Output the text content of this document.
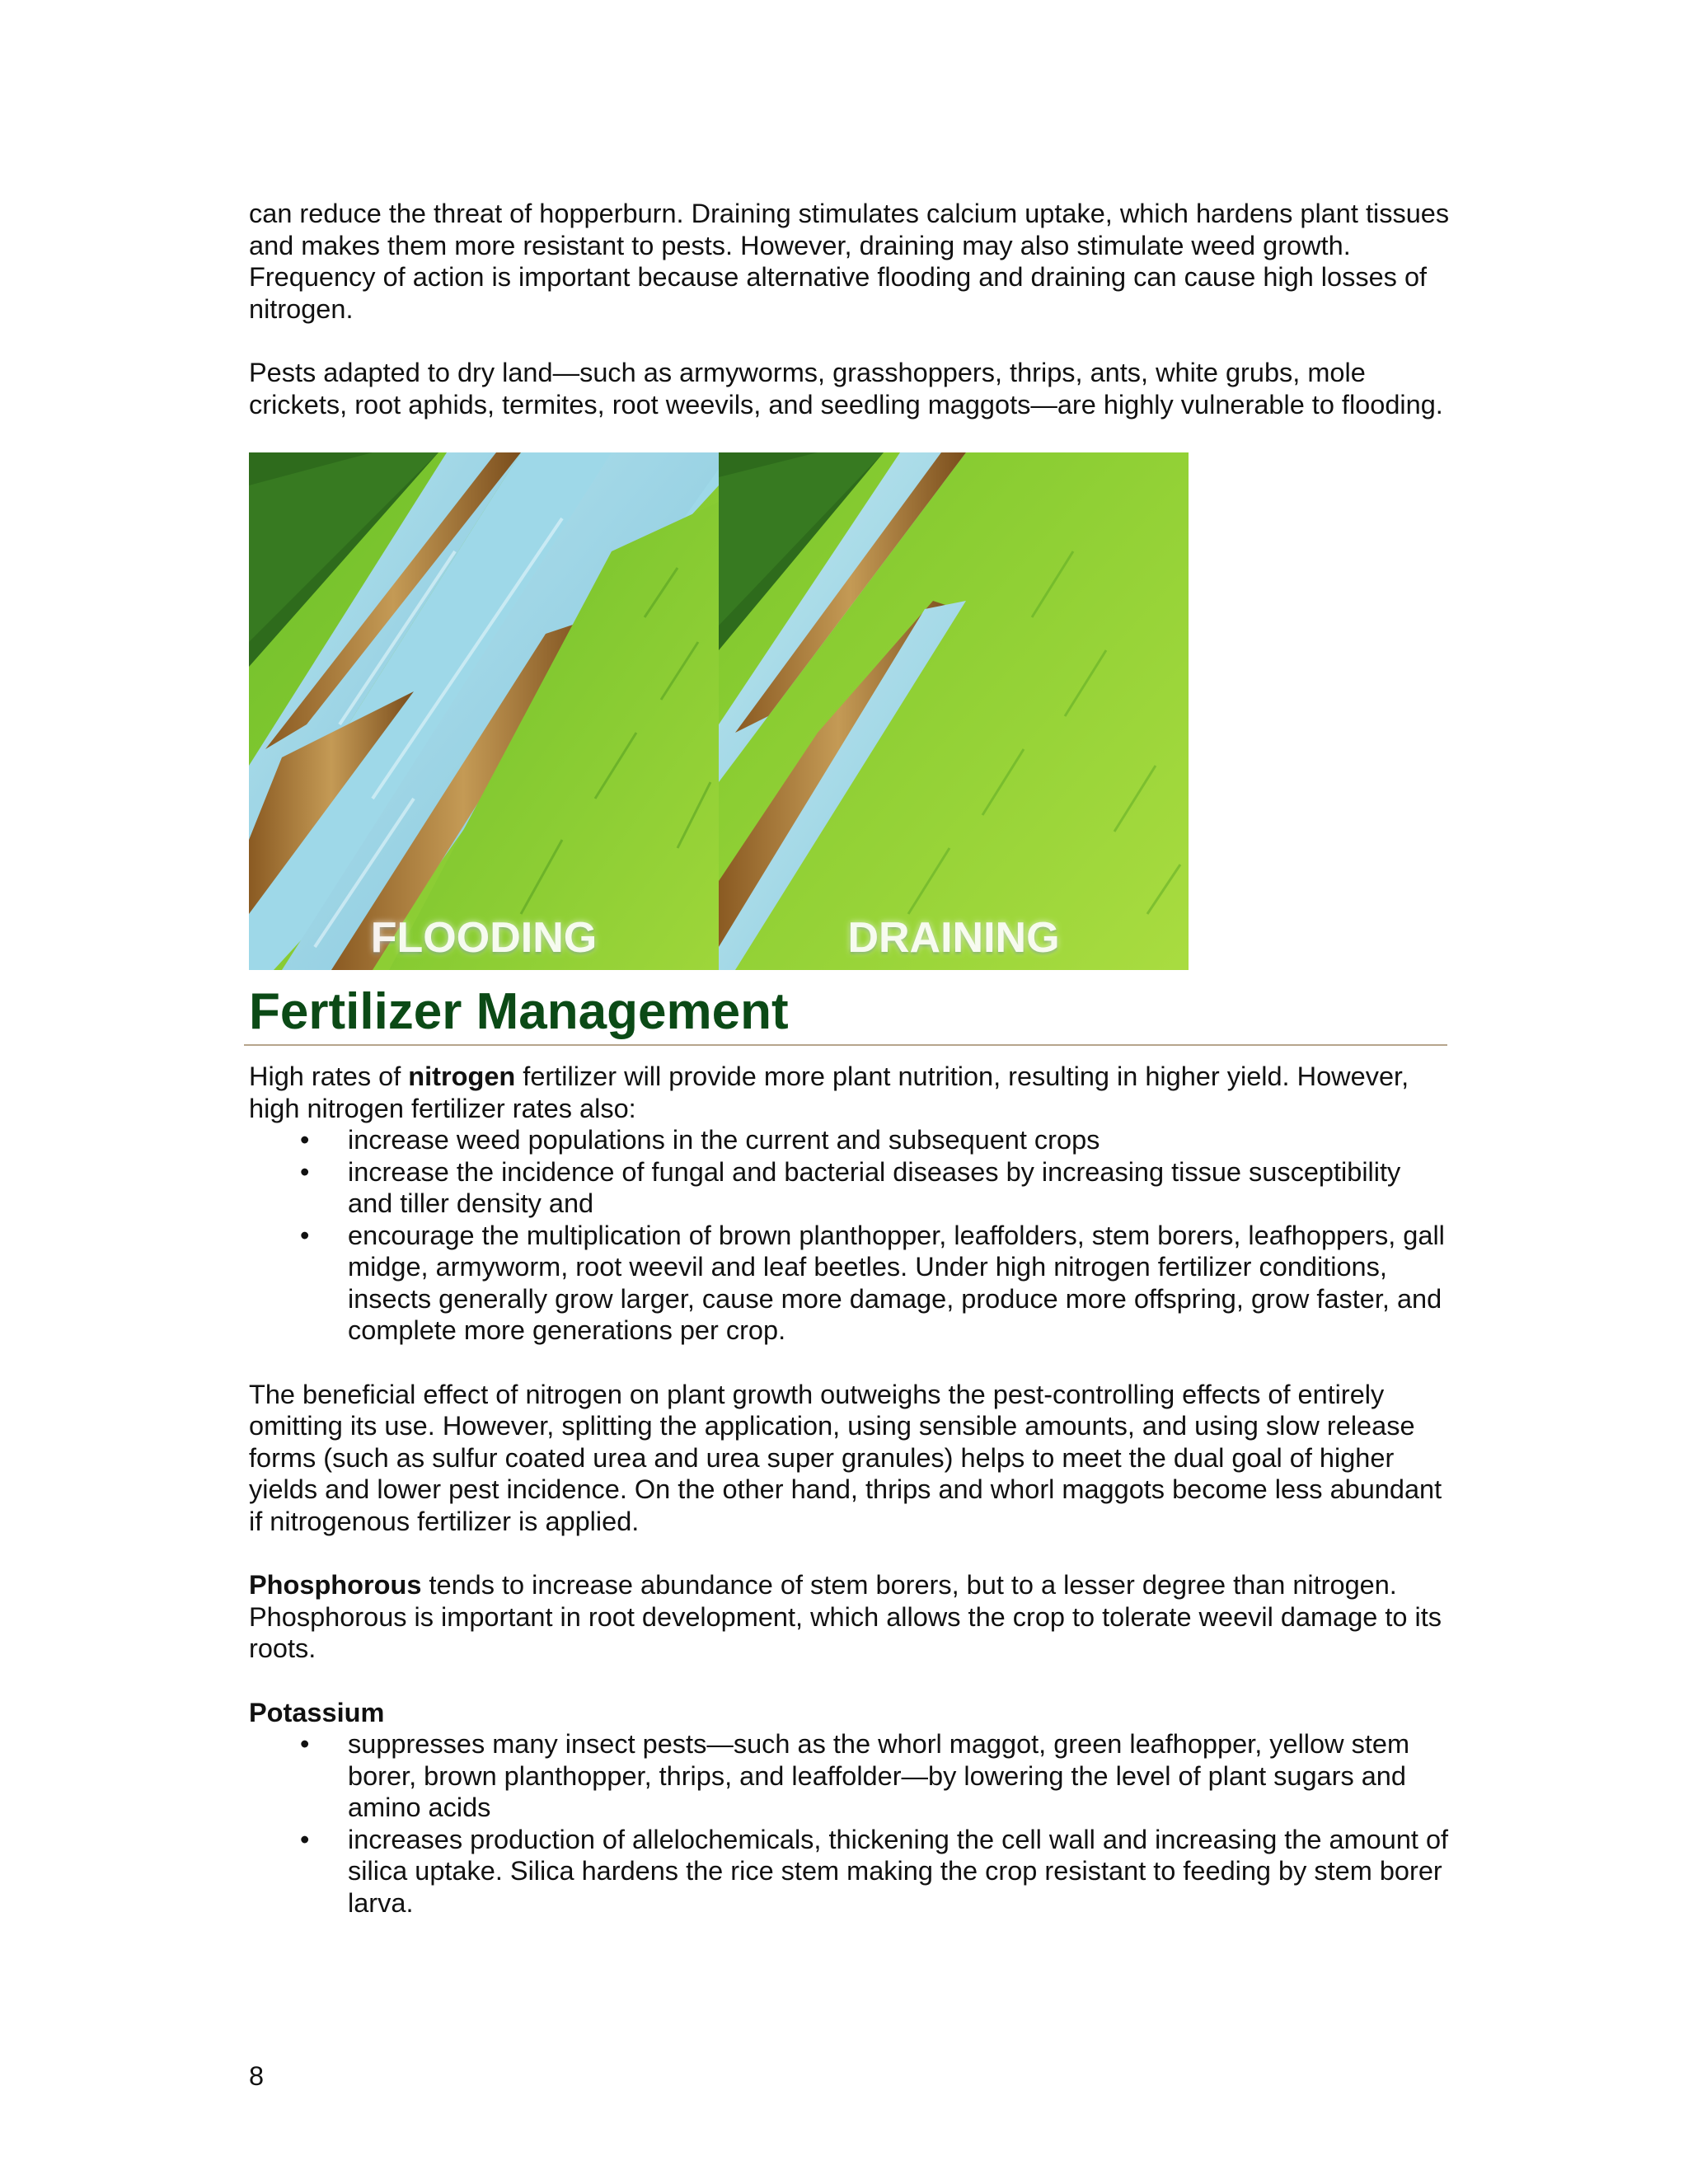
can reduce the threat of hopperburn. Draining stimulates calcium uptake, which hardens plant tissues and makes them more resistant to pests. However, draining may also stimulate weed growth. Frequency of action is important because alternative flooding and draining can cause high losses of nitrogen.

Pests adapted to dry land—such as armyworms, grasshoppers, thrips, ants, white grubs, mole crickets, root aphids, termites, root weevils, and seedling maggots—are highly vulnerable to flooding.

FLOODING	DRAINING
Fertilizer Management

High rates of nitrogen fertilizer will provide more plant nutrition, resulting in higher yield. However, high nitrogen fertilizer rates also:

• increase weed populations in the current and subsequent crops
• increase the incidence of fungal and bacterial diseases by increasing tissue susceptibility and tiller density and
• encourage the multiplication of brown planthopper, leaffolders, stem borers, leafhoppers, gall midge, armyworm, root weevil and leaf beetles. Under high nitrogen fertilizer conditions, insects generally grow larger, cause more damage, produce more offspring, grow faster, and complete more generations per crop.

The beneficial effect of nitrogen on plant growth outweighs the pest-controlling effects of entirely omitting its use. However, splitting the application, using sensible amounts, and using slow release forms (such as sulfur coated urea and urea super granules) helps to meet the dual goal of higher yields and lower pest incidence. On the other hand, thrips and whorl maggots become less abundant if nitrogenous fertilizer is applied.

Phosphorous tends to increase abundance of stem borers, but to a lesser degree than nitrogen. Phosphorous is important in root development, which allows the crop to tolerate weevil damage to its roots.

Potassium

• suppresses many insect pests—such as the whorl maggot, green leafhopper, yellow stem borer, brown planthopper, thrips, and leaffolder—by lowering the level of plant sugars and amino acids
• increases production of allelochemicals, thickening the cell wall and increasing the amount of silica uptake. Silica hardens the rice stem making the crop resistant to feeding by stem borer larva.
8
